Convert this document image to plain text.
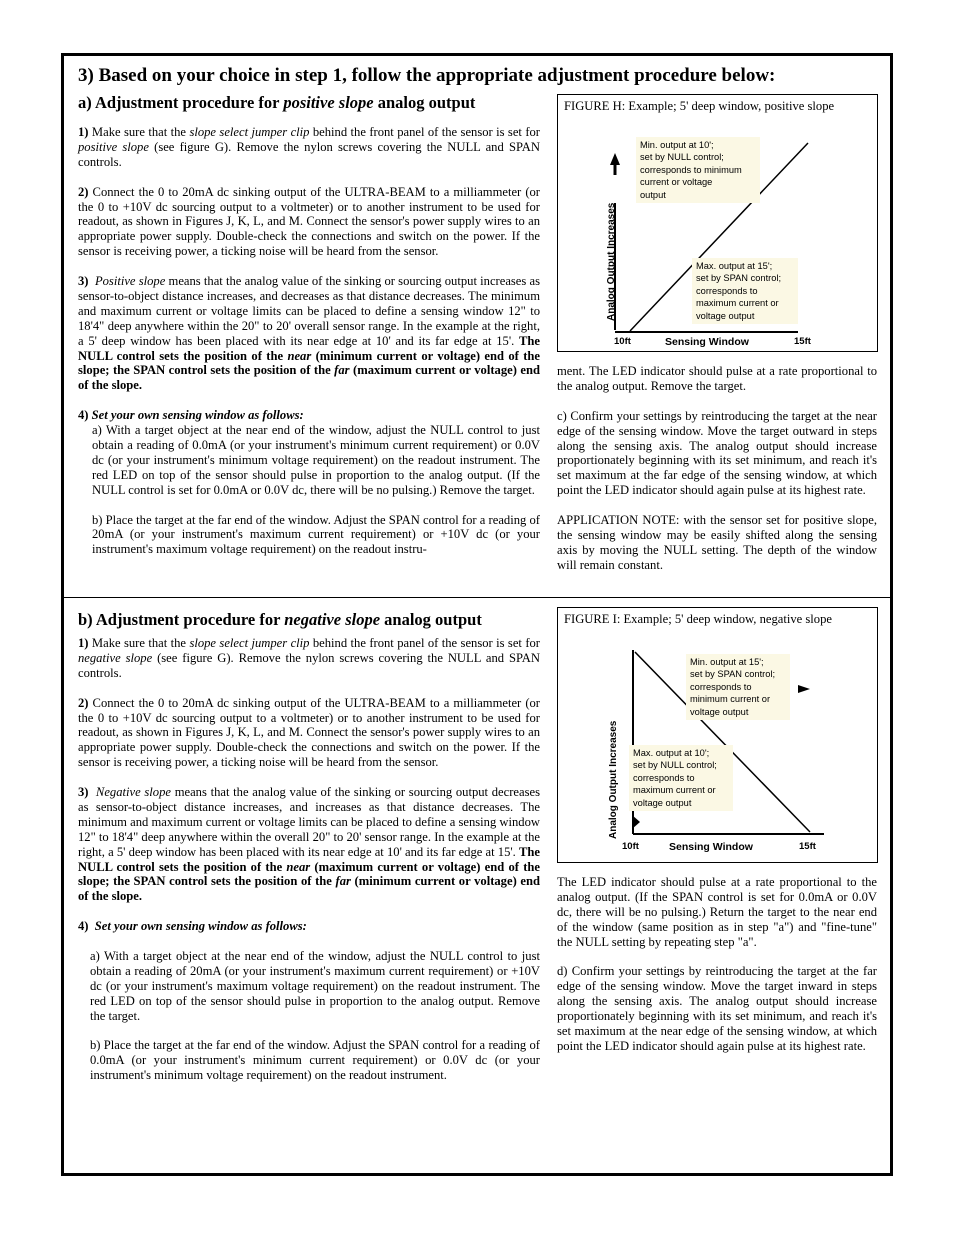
3) Based on your choice in step 1, follow the appropriate adjustment procedure below:
a) Adjustment procedure for positive slope analog output

1) Make sure that the slope select jumper clip behind the front panel of the sensor is set for positive slope (see figure G). Remove the nylon screws covering the NULL and SPAN controls.

2) Connect the 0 to 20mA dc sinking output of the ULTRA-BEAM to a milliammeter (or the 0 to +10V dc sourcing output to a voltmeter) or to another instrument to be used for readout, as shown in Figures J, K, L, and M. Connect the sensor's power supply wires to an appropriate power supply. Double-check the connections and switch on the power. If the sensor is receiving power, a ticking noise will be heard from the sensor.

3) Positive slope means that the analog value of the sinking or sourcing output increases as sensor-to-object distance increases, and decreases as that distance decreases. The minimum and maximum current or voltage limits can be placed to define a sensing window 12" to 18'4" deep anywhere within the 20" to 20' overall sensor range. In the example at the right, a 5' deep window has been placed with its near edge at 10' and its far edge at 15'. The NULL control sets the position of the near (minimum current or voltage) end of the slope; the SPAN control sets the position of the far (maximum current or voltage) end of the slope.

4) Set your own sensing window as follows:

a) With a target object at the near end of the window, adjust the NULL control to just obtain a reading of 0.0mA (or your instrument's minimum current requirement) or 0.0V dc (or your instrument's minimum voltage requirement) on the readout instrument. The red LED on top of the sensor should pulse in proportion to the analog output. (If the NULL control is set for 0.0mA or 0.0V dc, there will be no pulsing.) Remove the target.

b) Place the target at the far end of the window. Adjust the SPAN control for a reading of 20mA (or your instrument's maximum current requirement) or +10V dc (or your instrument's maximum voltage requirement) on the readout instru-

FIGURE H: Example; 5' deep window, positive slope
Min. output at 10';
set by NULL control;
corresponds to minimum
current or voltage
output
Max. output at 15';
set by SPAN control;
corresponds to
maximum current or
voltage output
Analog Output Increases
10ft	Sensing Window	15ft

ment. The LED indicator should pulse at a rate proportional to the analog output. Remove the target.

c) Confirm your settings by reintroducing the target at the near edge of the sensing window. Move the target outward in steps along the sensing axis. The analog output should increase proportionately beginning with its set minimum, and reach it's set maximum at the far edge of the sensing window, at which point the LED indicator should again pulse at its highest rate.

APPLICATION NOTE: with the sensor set for positive slope, the sensing window may be easily shifted along the sensing axis by moving the NULL setting. The depth of the window will remain constant.

b) Adjustment procedure for negative slope analog output

1) Make sure that the slope select jumper clip behind the front panel of the sensor is set for negative slope (see figure G). Remove the nylon screws covering the NULL and SPAN controls.

2) Connect the 0 to 20mA dc sinking output of the ULTRA-BEAM to a milliammeter (or the 0 to +10V dc sourcing output to a voltmeter) or to another instrument to be used for readout, as shown in Figures J, K, L, and M. Connect the sensor's power supply wires to an appropriate power supply. Double-check the connections and switch on the power. If the sensor is receiving power, a ticking noise will be heard from the sensor.

3) Negative slope means that the analog value of the sinking or sourcing output decreases as sensor-to-object distance increases, and increases as that distance decreases. The minimum and maximum current or voltage limits can be placed to define a sensing window 12" to 18'4" deep anywhere within the overall 20" to 20' sensor range. In the example at the right, a 5' deep window has been placed with its near edge at 10' and its far edge at 15'. The NULL control sets the position of the near (maximum current or voltage) end of the slope; the SPAN control sets the position of the far (minimum current or voltage) end of the slope.

4) Set your own sensing window as follows:

a) With a target object at the near end of the window, adjust the NULL control to just obtain a reading of 20mA (or your instrument's maximum current requirement) or +10V dc (or your instrument's maximum voltage requirement) on the readout instrument. The red LED on top of the sensor should pulse in proportion to the analog output. Remove the target.

b) Place the target at the far end of the window. Adjust the SPAN control for a reading of 0.0mA (or your instrument's minimum current requirement) or 0.0V dc (or your instrument's minimum voltage requirement) on the readout instrument.

FIGURE I: Example; 5' deep window, negative slope
Min. output at 15';
set by SPAN control;
corresponds to
minimum current or
voltage output
Max. output at 10';
set by NULL control;
corresponds to
maximum current or
voltage output
Analog Output Increases
10ft	Sensing Window	15ft

The LED indicator should pulse at a rate proportional to the analog output. (If the SPAN control is set for 0.0mA or 0.0V dc, there will be no pulsing.) Return the target to the near end of the window (same position as in step "a") and "fine-tune" the NULL setting by repeating step "a".

d) Confirm your settings by reintroducing the target at the far edge of the sensing window. Move the target inward in steps along the sensing axis. The analog output should increase proportionately beginning with its set minimum, and reach it's set maximum at the near edge of the sensing window, at which point the LED indicator should again pulse at its highest rate.
